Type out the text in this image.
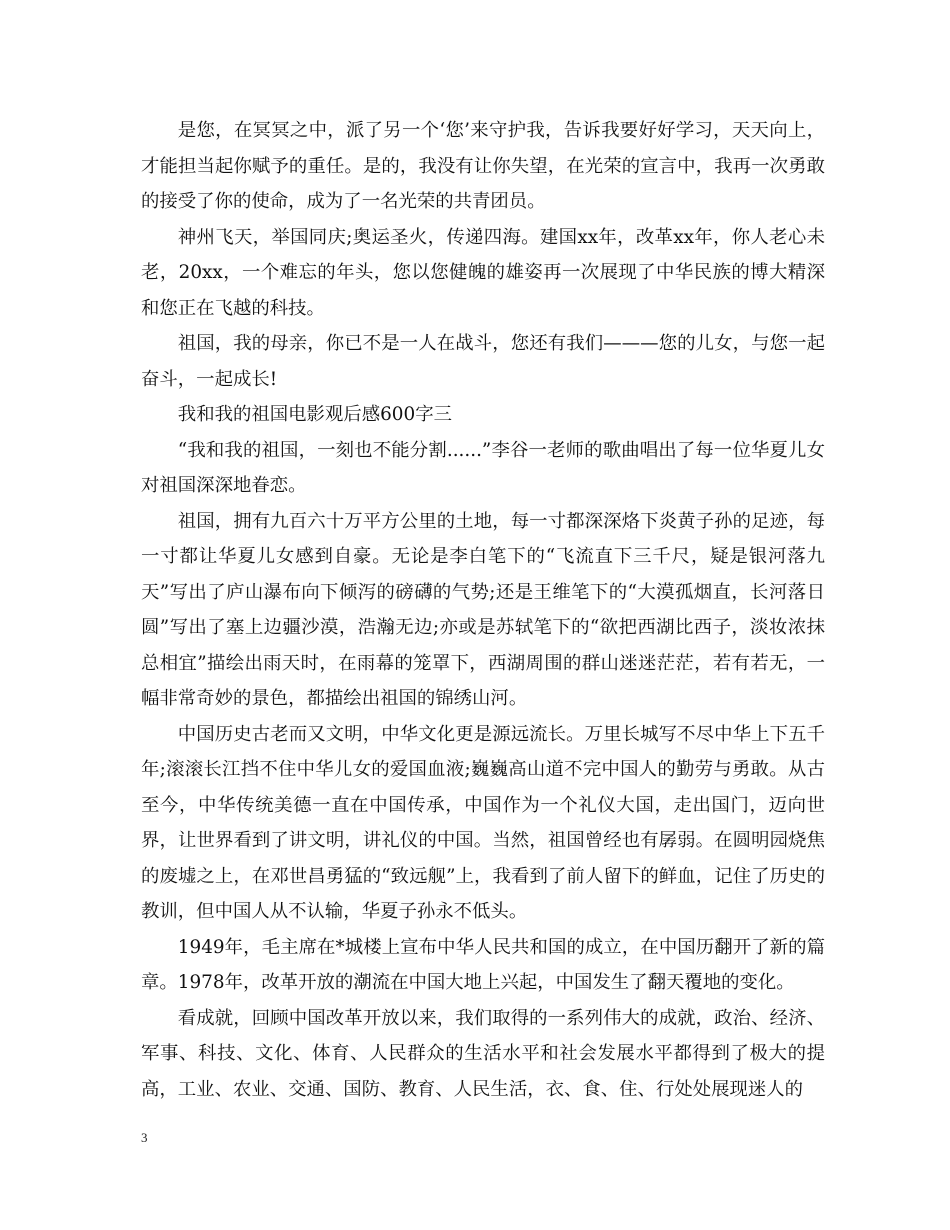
是您，在冥冥之中，派了另一个‘您’来守护我，告诉我要好好学习，天天向上，才能担当起你赋予的重任。是的，我没有让你失望，在光荣的宣言中，我再一次勇敢的接受了你的使命，成为了一名光荣的共青团员。

神州飞天，举国同庆;奥运圣火，传递四海。建国xx年，改革xx年，你人老心未老，20xx，一个难忘的年头，您以您健魄的雄姿再一次展现了中华民族的博大精深和您正在飞越的科技。

祖国，我的母亲，你已不是一人在战斗，您还有我们———您的儿女，与您一起奋斗，一起成长!

我和我的祖国电影观后感600字三

“我和我的祖国，一刻也不能分割......”李谷一老师的歌曲唱出了每一位华夏儿女对祖国深深地眷恋。

祖国，拥有九百六十万平方公里的土地，每一寸都深深烙下炎黄子孙的足迹，每一寸都让华夏儿女感到自豪。无论是李白笔下的“飞流直下三千尺，疑是银河落九天”写出了庐山瀑布向下倾泻的磅礴的气势;还是王维笔下的“大漠孤烟直，长河落日圆”写出了塞上边疆沙漠，浩瀚无边;亦或是苏轼笔下的“欲把西湖比西子，淡妆浓抹总相宜”描绘出雨天时，在雨幕的笼罩下，西湖周围的群山迷迷茫茫，若有若无，一幅非常奇妙的景色，都描绘出祖国的锦绣山河。

中国历史古老而又文明，中华文化更是源远流长。万里长城写不尽中华上下五千年;滚滚长江挡不住中华儿女的爱国血液;巍巍高山道不完中国人的勤劳与勇敢。从古至今，中华传统美德一直在中国传承，中国作为一个礼仪大国，走出国门，迈向世界，让世界看到了讲文明，讲礼仪的中国。当然，祖国曾经也有孱弱。在圆明园烧焦的废墟之上，在邓世昌勇猛的“致远舰”上，我看到了前人留下的鲜血，记住了历史的教训，但中国人从不认输，华夏子孙永不低头。

1949年，毛主席在*城楼上宣布中华人民共和国的成立，在中国历翻开了新的篇章。1978年，改革开放的潮流在中国大地上兴起，中国发生了翻天覆地的变化。

看成就，回顾中国改革开放以来，我们取得的一系列伟大的成就，政治、经济、军事、科技、文化、体育、人民群众的生活水平和社会发展水平都得到了极大的提高，工业、农业、交通、国防、教育、人民生活，衣、食、住、行处处展现迷人的

3
